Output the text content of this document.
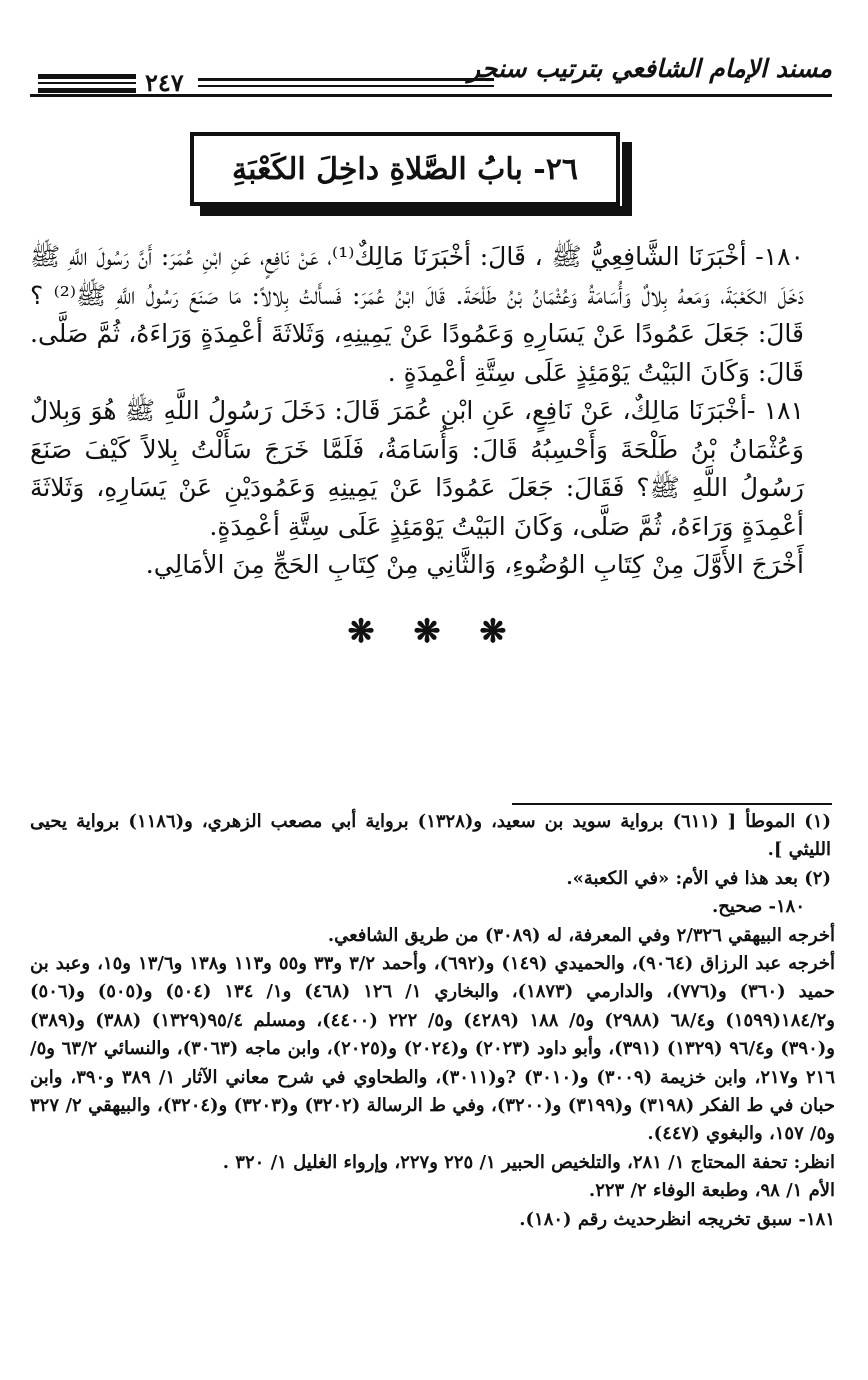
٢٤٧	مسند الإمام الشافعي بترتيب سنجر
٢٦- بابُ الصَّلاةِ داخِلَ الكَعْبَةِ

١٨٠- أخْبَرَنَا الشَّافِعِيُّ ﷺ ، قَالَ: أخْبَرَنَا مَالِكٌ⁽¹⁾، عَنْ نَافِعٍ، عَنِ ابْنِ عُمَرَ: أَنَّ رَسُولَ اللَّهِ ﷺ دَخَلَ الكَعْبَةَ، وَمَعهُ بِلالٌ وَأُسَامَةُ وَعُثْمَانُ بْنُ طَلْحَةَ. قَالَ ابْنُ عُمَرَ: فَسأَلتُ بِلالاً: مَا صَنَعَ رَسُولُ اللَّهِ ﷺ⁽²⁾ ؟ قَالَ: جَعَلَ عَمُودًا عَنْ يَسَارِهِ وَعَمُودًا عَنْ يَمِينِهِ، وَثَلاثَةَ أعْمِدَةٍ وَرَاءَهُ، ثُمَّ صَلَّى. قَالَ: وَكَانَ البَيْتُ يَوْمَئِذٍ عَلَى سِتَّةِ أعْمِدَةٍ .

١٨١ -أخْبَرَنَا مَالِكٌ، عَنْ نَافِعٍ، عَنِ ابْنِ عُمَرَ قَالَ: دَخَلَ رَسُولُ اللَّهِ ﷺ هُوَ وَبِلالٌ وَعُثْمَانُ بْنُ طَلْحَةَ وَأَحْسِبُهُ قَالَ: وَأُسَامَةُ، فَلَمَّا خَرَجَ سَأَلْتُ بِلالاً كَيْفَ صَنَعَ رَسُولُ اللَّهِ ﷺ؟ فَقَالَ: جَعَلَ عَمُودًا عَنْ يَمِينِهِ وَعَمُودَيْنِ عَنْ يَسَارِهِ، وَثَلاثَةَ أعْمِدَةٍ وَرَاءَهُ، ثُمَّ صَلَّى، وَكَانَ البَيْتُ يَوْمَئِذٍ عَلَى سِتَّةِ أعْمِدَةٍ.

أَخْرَجَ الأَوَّلَ مِنْ كِتَابِ الوُضُوءِ، وَالثَّانِي مِنْ كِتَابِ الحَجِّ مِنَ الأمَالِي.

❋ ❋ ❋

(١) الموطأ [ (٦١١) برواية سويد بن سعيد، و(١٣٢٨) برواية أبي مصعب الزهري، و(١١٨٦) برواية يحيى الليثي ].

(٢) بعد هذا في الأم: «في الكعبة».

١٨٠- صحيح.

أخرجه البيهقي ٢/٣٢٦ وفي المعرفة، له (٣٠٨٩) من طريق الشافعي.

أخرجه عبد الرزاق (٩٠٦٤)، والحميدي (١٤٩) و(٦٩٢)، وأحمد ٣/٢ و٣٣ و٥٥ و١١٣ و١٣٨ و١٣/٦ و١٥، وعبد بن حميد (٣٦٠) و(٧٧٦)، والدارمي (١٨٧٣)، والبخاري ١/ ١٢٦ (٤٦٨) و١/ ١٣٤ (٥٠٤) و(٥٠٥) و(٥٠٦) و١٨٤/٢(١٥٩٩) و٦٨/٤ (٢٩٨٨) و٥/ ١٨٨ (٤٢٨٩) و٥/ ٢٢٢ (٤٤٠٠)، ومسلم ٩٥/٤(١٣٢٩) (٣٨٨) و(٣٨٩) و(٣٩٠) و٩٦/٤ (١٣٢٩) (٣٩١)، وأبو داود (٢٠٢٣) و(٢٠٢٤) و(٢٠٢٥)، وابن ماجه (٣٠٦٣)، والنسائي ٦٣/٢ و٥/ ٢١٦ و٢١٧، وابن خزيمة (٣٠٠٩) و(٣٠١٠) ?و(٣٠١١)، والطحاوي في شرح معاني الآثار ١/ ٣٨٩ و٣٩٠، وابن حبان في ط الفكر (٣١٩٨) و(٣١٩٩) و(٣٢٠٠)، وفي ط الرسالة (٣٢٠٢) و(٣٢٠٣) و(٣٢٠٤)، والبيهقي ٢/ ٣٢٧ و٥/ ١٥٧، والبغوي (٤٤٧).

انظر: تحفة المحتاج ١/ ٢٨١، والتلخيص الحبير ١/ ٢٢٥ و٢٢٧، وإرواء الغليل ١/ ٣٢٠ .

الأم ١/ ٩٨، وطبعة الوفاء ٢/ ٢٢٣.

١٨١- سبق تخريجه انظرحديث رقم (١٨٠).
